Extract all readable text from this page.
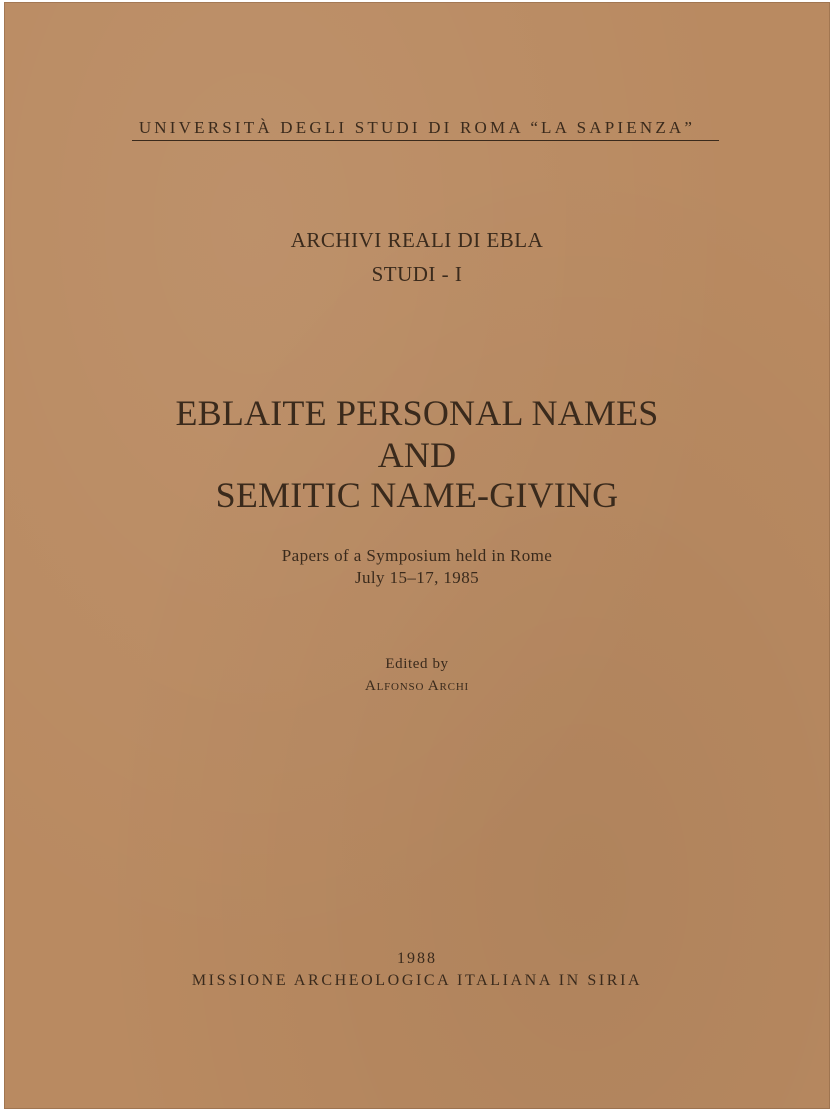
UNIVERSITÀ DEGLI STUDI DI ROMA “LA SAPIENZA”
ARCHIVI REALI DI EBLA
STUDI - I
EBLAITE PERSONAL NAMES
AND
SEMITIC NAME-GIVING
Papers of a Symposium held in Rome
July 15–17, 1985
Edited by
Alfonso Archi
1988
MISSIONE ARCHEOLOGICA ITALIANA IN SIRIA
